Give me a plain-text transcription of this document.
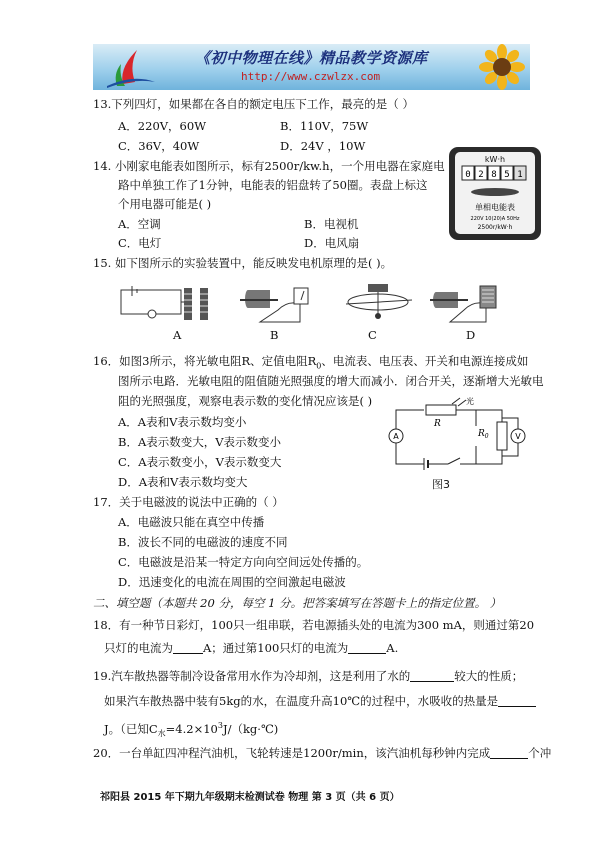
《初中物理在线》精品教学资源库
http://www.czwlzx.com
13.下列四灯，如果都在各自的额定电压下工作，最亮的是（ ）
A．220V，60W	B．110V，75W
C．36V，40W	D．24V ，10W
14. 小刚家电能表如图所示，标有2500r/kw.h，一个用电器在家庭电
路中单独工作了1分钟，电能表的铝盘转了50圈。表盘上标这
个用电器可能是( )
A．空调	B．电视机
C．电灯	D．电风扇
kW·h
0 2 8 5 1
单相电能表
220V 10(20)A 50Hz
2500r/kW·h
15. 如下图所示的实验装置中，能反映发电机原理的是( )。
A	B	C	D
16．如图3所示，将光敏电阻R、定值电阻$R_0$、电流表、电压表、开关和电源连接成如
图所示电路．光敏电阻的阻值随光照强度的增大而减小．闭合开关，逐渐增大光敏电
阻的光照强度，观察电表示数的变化情况应该是( )
A．A表和V表示数均变小
B．A表示数变大，V表示数变小
C．A表示数变小，V表示数变大
D．A表和V表示数均变大
光
R
$R_0$	V
A
图3
17．关于电磁波的说法中正确的（ ）
A．电磁波只能在真空中传播
B．波长不同的电磁波的速度不同
C．电磁波是沿某一特定方向向空间远处传播的。
D．迅速变化的电流在周围的空间激起电磁波
二、填空题（本题共 20 分，每空 1 分。把答案填写在答题卡上的指定位置。 ）
18．有一种节日彩灯，100只一组串联，若电源插头处的电流为300 mA，则通过第20
只灯的电流为	A；通过第100只灯的电流为	A.
19.汽车散热器等制冷设备常用水作为冷却剂，这是利用了水的	较大的性质；
如果汽车散热器中装有5kg的水，在温度升高10℃的过程中，水吸收的热量是
J。（已知$C_水=4.2\times 10^3J/(kg\cdot℃)$
20．一台单缸四冲程汽油机，飞轮转速是1200r/min，该汽油机每秒钟内完成	个冲
祁阳县 2015 年下期九年级期末检测试卷 物理 第 3 页（共 6 页）
